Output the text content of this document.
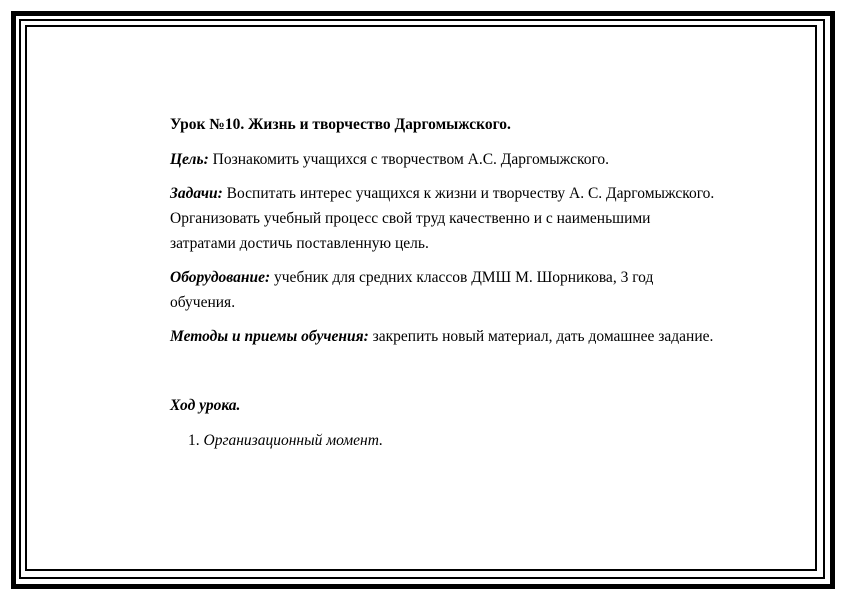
Урок №10. Жизнь и творчество Даргомыжского.

Цель: Познакомить учащихся с творчеством А.С. Даргомыжского.

Задачи: Воспитать интерес учащихся к жизни и творчеству А. С. Даргомыжского. Организовать учебный процесс свой труд качественно и с наименьшими затратами достичь поставленную цель.

Оборудование: учебник для средних классов ДМШ М. Шорникова, 3 год обучения.

Методы и приемы обучения: закрепить новый материал, дать домашнее задание.

Ход урока.

1. Организационный момент.
